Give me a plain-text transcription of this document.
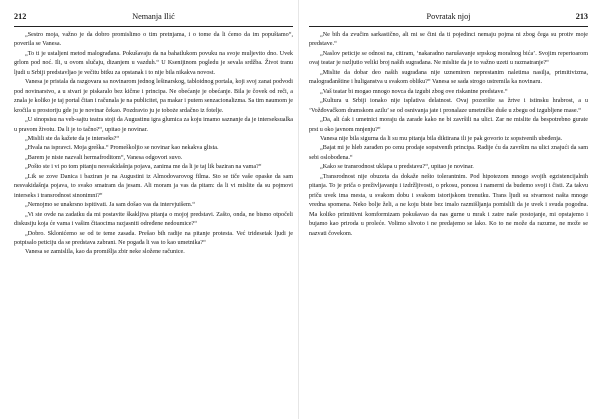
212	Nemanja Ilić

„Sestro moja, važno je da dobro promislimo o tim pretnjama, i o tome da li ćemo da im popuštamo“, poverila se Vanesa.

„To ti je ustaljeni metod malograđana. Pokušavaju da na bahatlukom povuku na svoje muljevito dno. Uvek grlom pod noć. Ili, u ovom slučaju, dizanjem u vazduh.“ U Ksenijinom pogledu je sevala srdžba. Život tranu ljudi u Srbiji predstavljao je večitu bitku za opstanak i to nije bila nikakva novost.

Vanesa je pristala da razgovara sa novinarom jednog lešinarskog, tabloidnog portala, koji svoj zanat podvodi pod novinarstvo, a u stvari je piskaralo bez kičme i principa. Ne obećanje je obećanje. Bila je čovek od reči, a znala je koliko je taj portal čitan i računala je na publicitet, pa makar i putem senzacionalizma. Sa tim naumom je kročila u prostoriju gde ju je novinar čekao. Pozdravio ju je toboże srdačno iz fotelje.

„U sinopsisu na veb-sajtu teatra stoji da Augustinu igra glumica za koju imamo saznanje da je interseksualka u pravom životu. Da li je to tačno?“, upitao je novinar.

„Mislili ste da kažete da je interseks?“

„Hvala na ispravci. Moja greška.“ Promeškoljio se novinar kao nekakva glista.

„Barem je niste nazvali hermafroditom“, Vanesa odgovori suvo.

„Pošto ste i vi po tom pitanju nesvakidašnja pojava, zanima me da li je taj lik baziran na vama?“

„Lik se zove Danica i baziran je na Augustini iz Almodovarovog filma. Sto se tiče vaše opaske da sam nesvakidašnja pojava, to svako smatram da jesam. Ali moram ja vas da pitam: da li vi mislite da su pojmovi interseks i transrodnost sinonimni?“

„Nemojmo se unakrsno ispitivati. Ja sam došao vas da intervjuišem.“

„Vi ste ovde na zadatku da mi postavite škakljiva pitanja o mojoj predstavi. Zašto, onda, ne bismo otpočeli diskusiju koja će vama i vašim čitaocima razjasniti određene nedoumice?“

„Dobro. Sklonićemo se od te teme zasada. Prešao bih radije na pitanje protesta. Već tridesetak ljudi je potpisalo peticiju da se predstava zabrani. Ne pogađa li vas to kao umetnika?“

Vanesa se zamislila, kao da promišlja zbir neke složene računice.

Povratak njoj	213

„Ne bih da zvučim sarkastično, ali mi se čini da ti pojedinci nemaju pojma ni zbog čega su protiv moje predstave.“

„Naslov peticije se odnosi na, citiram, ‘nakaradno narušavanje srpskog moralnog bića’. Svojim repertoarom ovaj teatar je razljutio veliki broj naših sugrađana. Ne mislite da je to važno uzeti u razmatranje?“

„Mislite da dobar deo naših sugrađana nije uznemiren neprestanim naletima nasilja, primitivizma, malograđanštine i huliganstva u svakom obliku?“ Vanesa se sada strogo ustremila ka novinaru.

„Vaš teatar bi mogao mnogo novca da izgubi zbog ove riskantne predstave.“

„Kultura u Srbiji ionako nije isplativa delatnost. Ovaj pozorište sa žrtve i istinsku hrabrost, a u ‘Vožđovačkom dramskom azilu’ se od osnivanja jate i pronalaze umetničke duše u zbegu od izgubljene mase.“

„Da, ali ćak i umetnici moraju da zarade kako ne bi završili na ulici. Zar ne mislite da bespotrebno gurate prst u oko javnom mnjenju?“

Vanesa nije bila sigurna da li su mu pitanja bila diktirana ili je pak govorio iz sopstvenih ubeđenja.

„Bajat mi je hleb zarađen po cenu prodaje sopstvenih principa. Radije ću da završim na ulici znajući da sam sebi oslobođena.“

„Kako se transrodnost uklapa u predstavu?“, upitao je novinar.

„Transrodnost nije obuzeta da dokaže nešto tolerantnim. Pod hipotezom mnogo svojih egzistencijalnih pitanja. To je priča o preživljavanju i izdržljivosti, o prkosu, ponosu i namerni da budemo svoji i čisti. Za takvu priču uvek ima mesta, u svakom dobu i svakom istorijskom trenutku. Trans ljudi su stvarnost našta mnoge vredna spomena. Neko bolje želi, a ne koju biste bez imalo razmišljanja pomislili da je uvek i svuda pogodna. Ma koliko primitivni komformizam pokušavao da nas gurne u mrak i zatre naše postojanje, mi opstajemo i bujamo kao priroda u proleće. Volimo slivoto i ne predajemo se lako. Ko to ne može da razume, ne može se nazvati čovekom.
